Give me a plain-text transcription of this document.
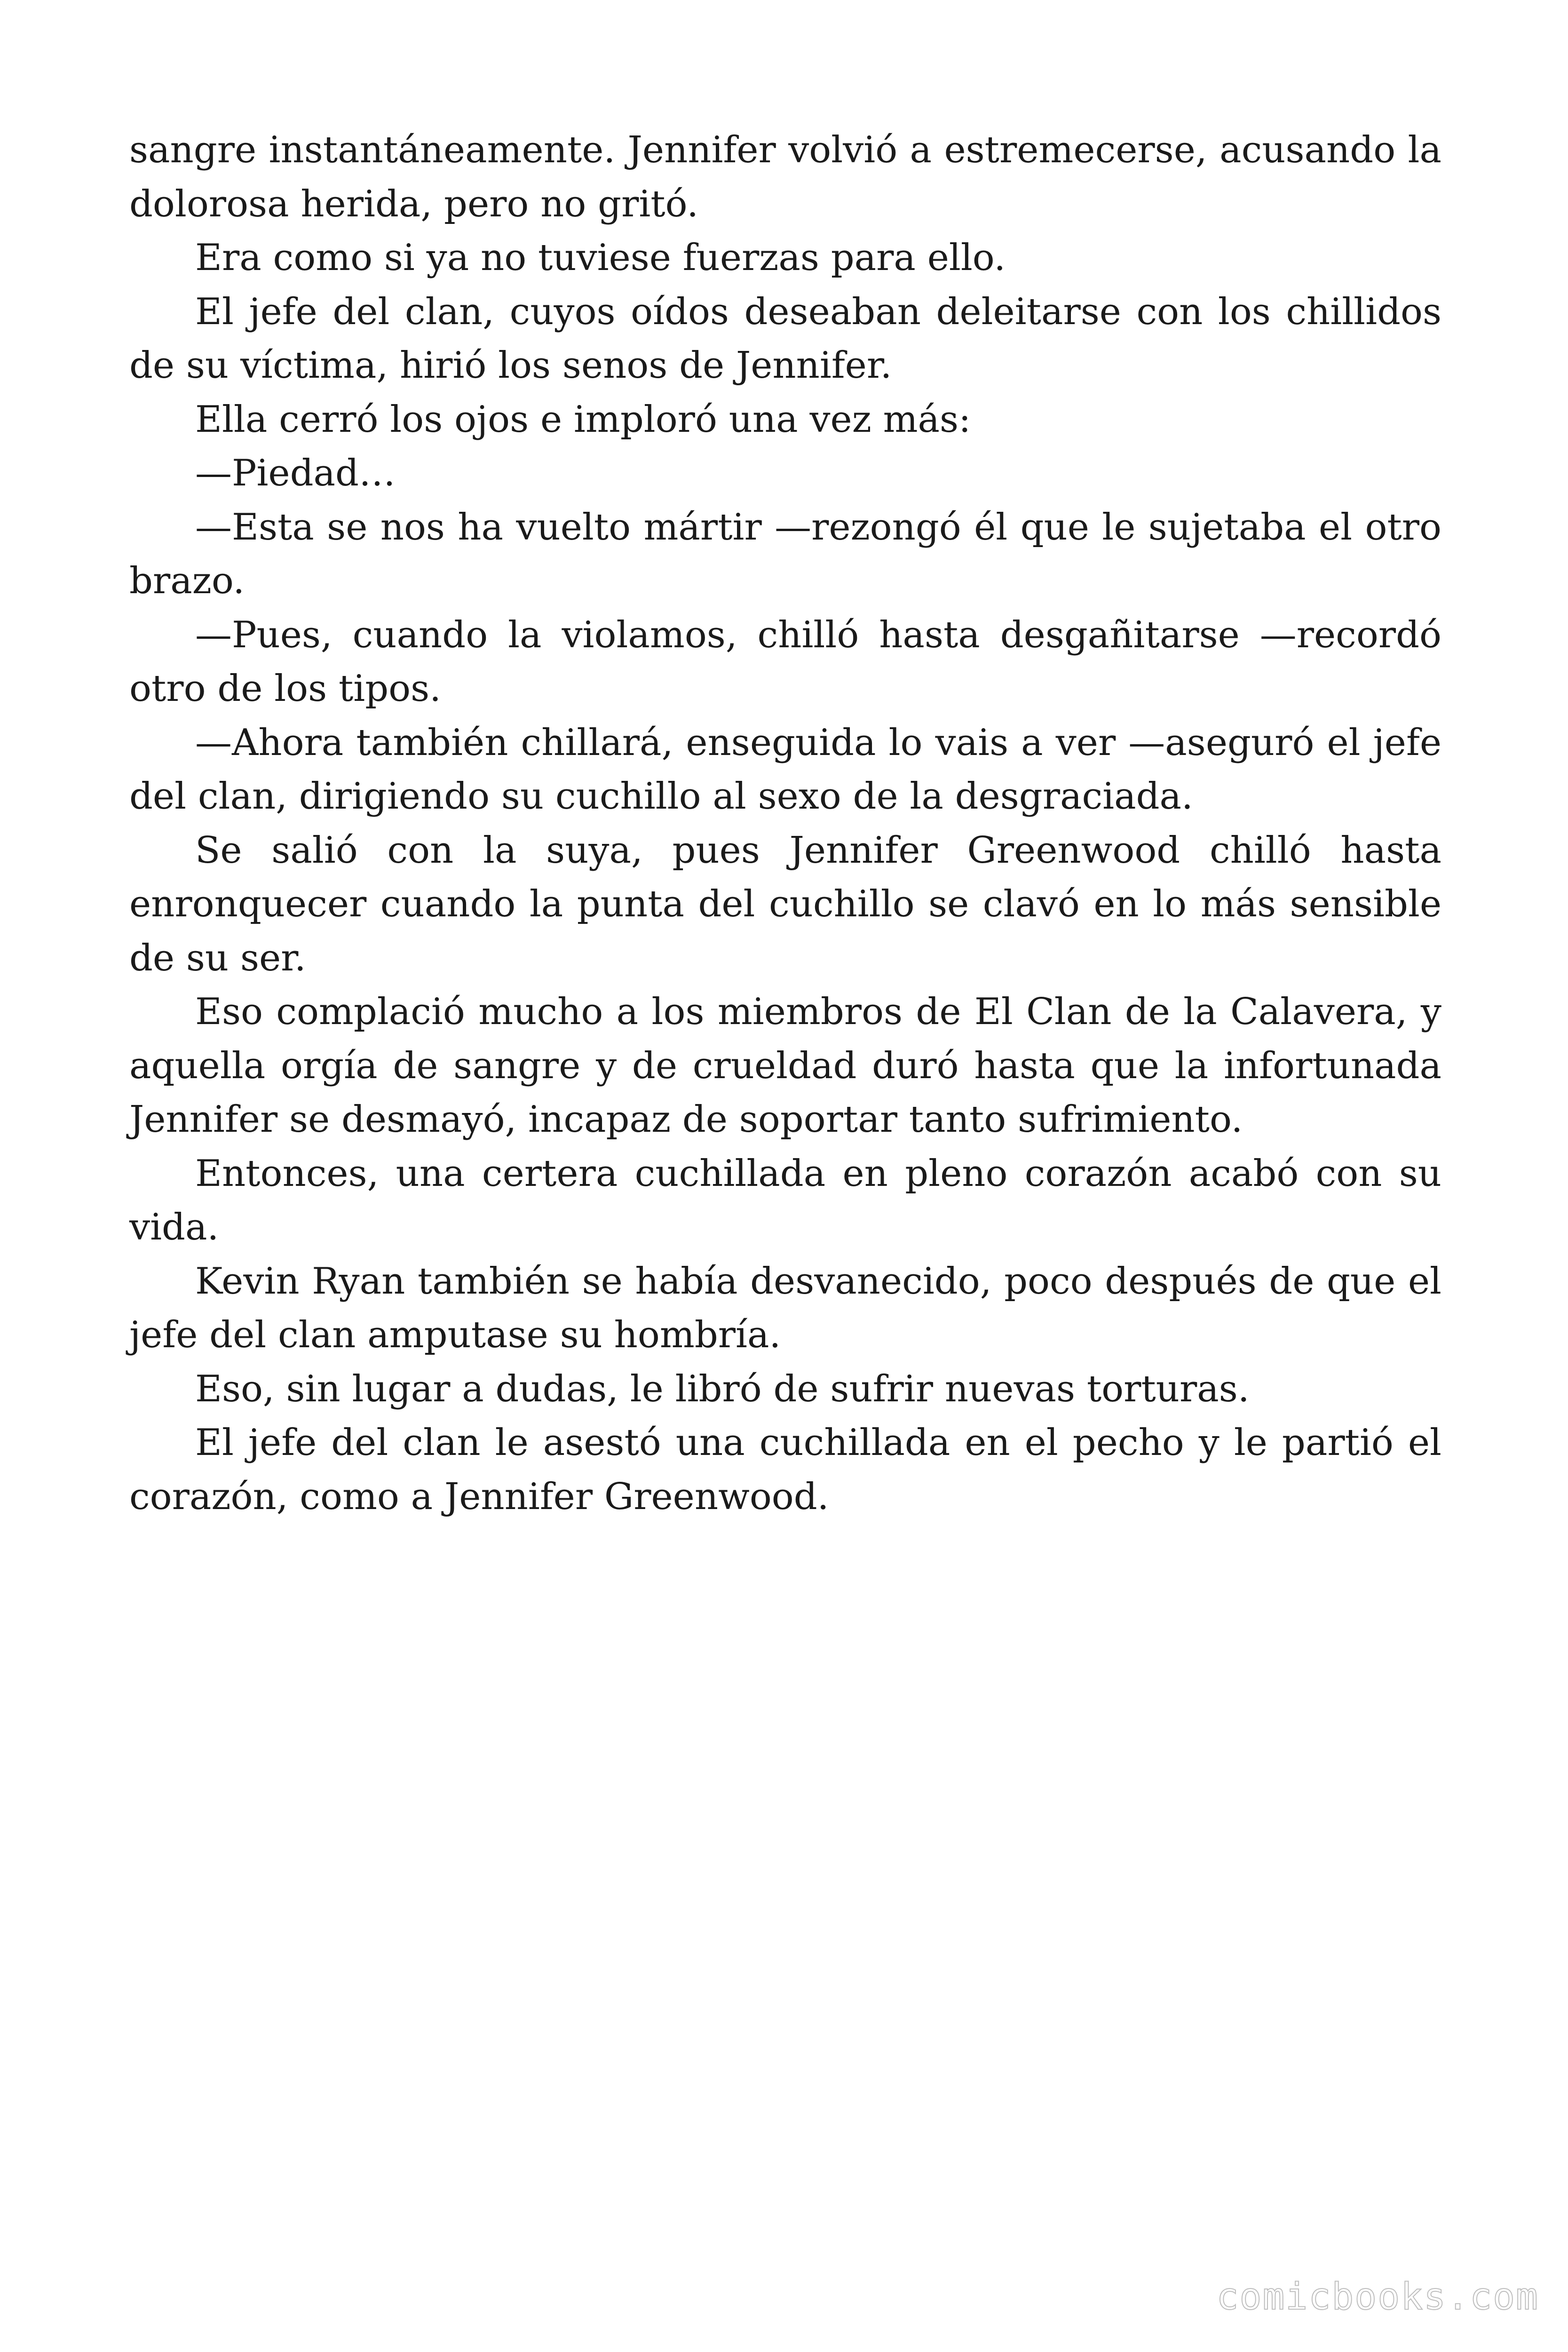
sangre instantáneamente. Jennifer volvió a estremecerse, acusando la dolorosa herida, pero no gritó.

Era como si ya no tuviese fuerzas para ello.

El jefe del clan, cuyos oídos deseaban deleitarse con los chillidos de su víctima, hirió los senos de Jennifer.

Ella cerró los ojos e imploró una vez más:

—Piedad…

—Esta se nos ha vuelto mártir —rezongó él que le sujetaba el otro brazo.

—Pues, cuando la violamos, chilló hasta desgañitarse —recordó otro de los tipos.

—Ahora también chillará, enseguida lo vais a ver —aseguró el jefe del clan, dirigiendo su cuchillo al sexo de la desgraciada.

Se salió con la suya, pues Jennifer Greenwood chilló hasta enronquecer cuando la punta del cuchillo se clavó en lo más sensible de su ser.

Eso complació mucho a los miembros de El Clan de la Calavera, y aquella orgía de sangre y de crueldad duró hasta que la infortunada Jennifer se desmayó, incapaz de soportar tanto sufrimiento.

Entonces, una certera cuchillada en pleno corazón acabó con su vida.

Kevin Ryan también se había desvanecido, poco después de que el jefe del clan amputase su hombría.

Eso, sin lugar a dudas, le libró de sufrir nuevas torturas.

El jefe del clan le asestó una cuchillada en el pecho y le partió el corazón, como a Jennifer Greenwood.

comicbooks.com
